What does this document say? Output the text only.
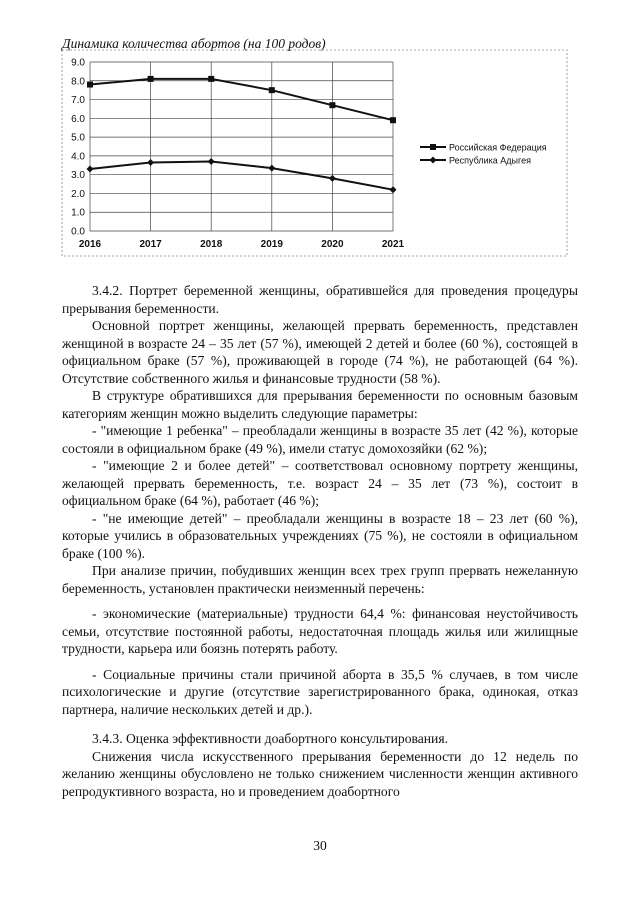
Динамика количества абортов (на 100 родов)
0.0
1.0
2.0
3.0
4.0
5.0
6.0
7.0
8.0
9.0
2016	2017	2018	2019	2020	2021
Российская Федерация
Республика Адыгея

3.4.2. Портрет беременной женщины, обратившейся для проведения процедуры прерывания беременности.

Основной портрет женщины, желающей прервать беременность, представлен женщиной в возрасте 24 – 35 лет (57 %), имеющей 2 детей и более (60 %), состоящей в официальном браке (57 %), проживающей в городе (74 %), не работающей (64 %). Отсутствие собственного жилья и финансовые трудности (58 %).

В структуре обратившихся для прерывания беременности по основным базовым категориям женщин можно выделить следующие параметры:

- "имеющие 1 ребенка" – преобладали женщины в возрасте 35 лет (42 %), которые состояли в официальном браке (49 %), имели статус домохозяйки (62 %);

- "имеющие 2 и более детей" – соответствовал основному портрету женщины, желающей прервать беременность, т.е. возраст 24 – 35 лет (73 %), состоит в официальном браке (64 %), работает (46 %);

- "не имеющие детей" – преобладали женщины в возрасте 18 – 23 лет (60 %), которые учились в образовательных учреждениях (75 %), не состояли в официальном браке (100 %).

При анализе причин, побудивших женщин всех трех групп прервать нежеланную беременность, установлен практически неизменный перечень:

- экономические (материальные) трудности 64,4 %: финансовая неустойчивость семьи, отсутствие постоянной работы, недостаточная площадь жилья или жилищные трудности, карьера или боязнь потерять работу.

- Социальные причины стали причиной аборта в 35,5 % случаев, в том числе психологические и другие (отсутствие зарегистрированного брака, одинокая, отказ партнера, наличие нескольких детей и др.).

3.4.3. Оценка эффективности доабортного консультирования.

Снижения числа искусственного прерывания беременности до 12 недель по желанию женщины обусловлено не только снижением численности женщин активного репродуктивного возраста, но и проведением доабортного

30
